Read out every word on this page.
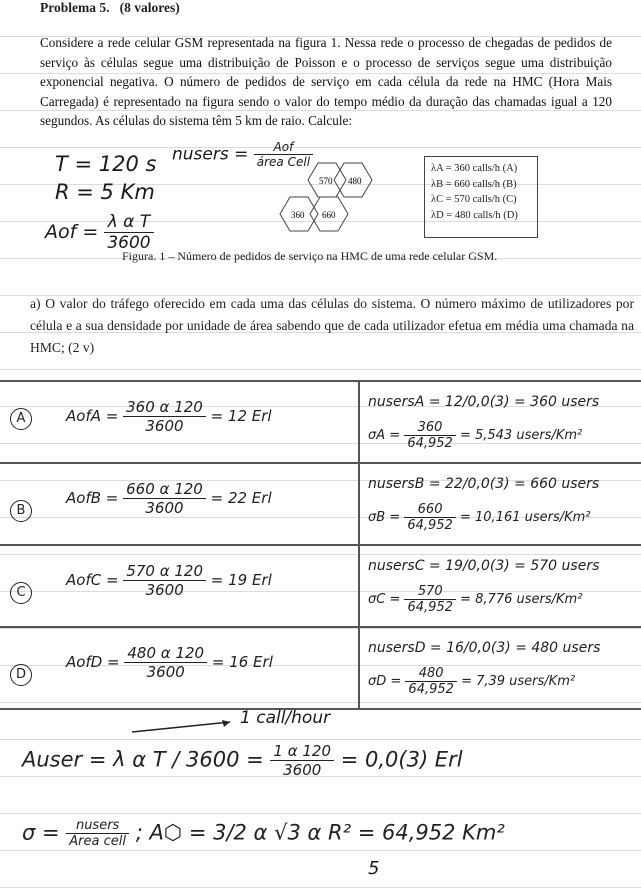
Problema 5. (8 valores)
Considere a rede celular GSM representada na figura 1. Nessa rede o processo de chegadas de pedidos de serviço às células segue uma distribuição de Poisson e o processo de serviços segue uma distribuição exponencial negativa. O número de pedidos de serviço em cada célula da rede na HMC (Hora Mais Carregada) é representado na figura sendo o valor do tempo médio da duração das chamadas igual a 120 segundos. As células do sistema têm 5 km de raio. Calcule:
T = 120 s
R = 5 Km
Aof = $\frac{\text{λ α T}}{3600}$
nusers = $\frac{\text{Aof}}{\text{área Cell}}$
570 480
360 660
λA = 360 calls/h (A)
λB = 660 calls/h (B)
λC = 570 calls/h (C)
λD = 480 calls/h (D)
Figura. 1 – Número de pedidos de serviço na HMC de uma rede celular GSM.
a) O valor do tráfego oferecido em cada uma das células do sistema. O número máximo de utilizadores por célula e a sua densidade por unidade de área sabendo que de cada utilizador efetua em média uma chamada na HMC; (2 v)
A	AofA = $\frac{360 \alpha 120}{3600} = 12$ Erl
nusersA = 12/0,0(3) = 360 users
$\sigma A = \frac{360}{64,952} = 5,543$ users/Km²
B
AofB = $\frac{660 \alpha 120}{3600} = 22$ Erl
nusersB = 22/0,0(3) = 660 users
$\sigma B = \frac{660}{64,952} = 10,161$ users/Km²
C
AofC = $\frac{570 \alpha 120}{3600} = 19$ Erl
nusersC = 19/0,0(3) = 570 users
$\sigma C = \frac{570}{64,952} = 8,776$ users/Km²
D
AofD = $\frac{480 \alpha 120}{3600} = 16$ Erl
nusersD = 16/0,0(3) = 480 users
$\sigma D = \frac{480}{64,952} = 7,39$ users/Km²
1 call/hour
Auser = λ α $T / 3600 = \frac{1 \alpha 120}{3600} = 0,0(3)$ Erl
$\sigma = \frac{\text{nusers}}{\text{Area cell}}$ ; A⬡ = 3/2 α √3 α R² = 64,952 Km²
5
